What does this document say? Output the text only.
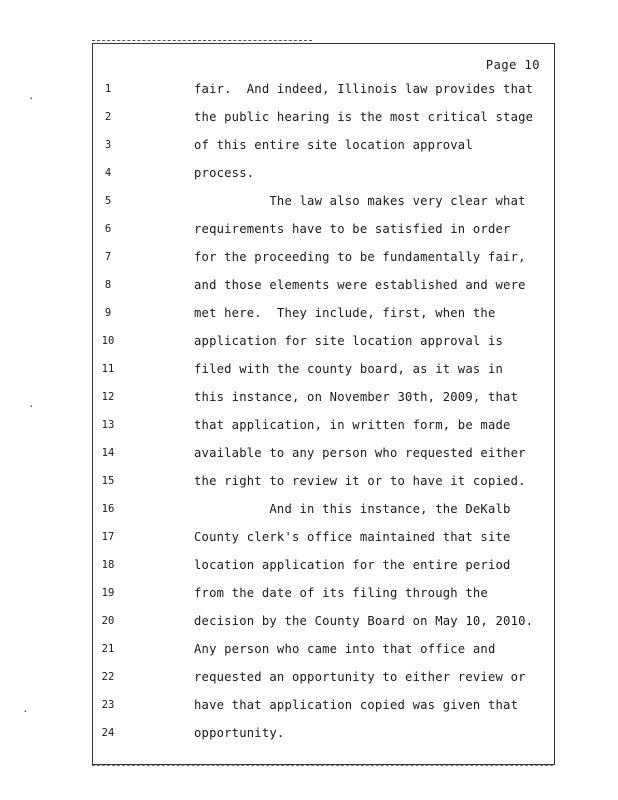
Page 10
1	fair.  And indeed, Illinois law provides that
2	the public hearing is the most critical stage
3	of this entire site location approval
4	process.
5	The law also makes very clear what
6	requirements have to be satisfied in order
7	for the proceeding to be fundamentally fair,
8	and those elements were established and were
9	met here.  They include, first, when the
10	application for site location approval is
11	filed with the county board, as it was in
12	this instance, on November 30th, 2009, that
13	that application, in written form, be made
14	available to any person who requested either
15	the right to review it or to have it copied.
16	And in this instance, the DeKalb
17	County clerk's office maintained that site
18	location application for the entire period
19	from the date of its filing through the
20	decision by the County Board on May 10, 2010.
21	Any person who came into that office and
22	requested an opportunity to either review or
23	have that application copied was given that
24	opportunity.
·
·
·
